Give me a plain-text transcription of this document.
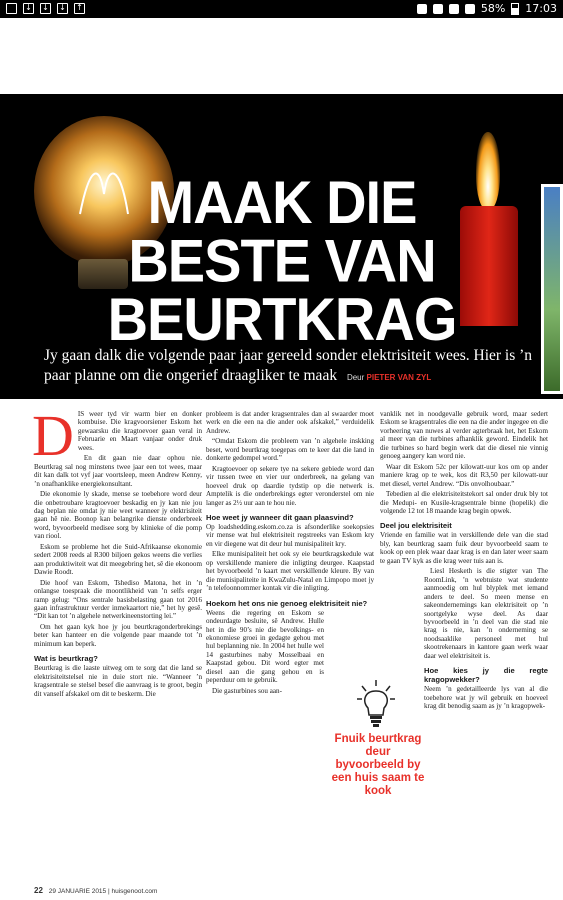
↓ ↓ ↓ ↑	58% 17:03
MAAK DIE
BESTE VAN
BEURTKRAG
Jy gaan dalk die volgende paar jaar gereeld sonder elektrisiteit wees. Hier is ’n paar planne om die ongerief draagliker te maak Deur PIETER VAN ZYL
D IS weer tyd vir warm bier en donker kombuise. Die kragvoorsiener Eskom het gewaarsku die kragtoevoer gaan veral in Februarie en Maart vanjaar onder druk wees.

En dit gaan nie daar ophou nie. Beurtkrag sal nog minstens twee jaar een tot wees, maar dit kan dalk tot vyf jaar voortsleep, meen Andrew Kenny, ’n onafhanklike energiekonsultant.

Die ekonomie ly skade, mense se toebehore word deur die onbetroubare kragtoevoer beskadig en jy kan nie jou dag beplan nie omdat jy nie weet wanneer jy elektrisiteit gaan hê nie. Boonop kan belangrike dienste onderbreek word, byvoorbeeld medisee sorg by klinieke of die pomp van riool.

Eskom se probleme het die Suid-Afrikaanse ekonomie sedert 2008 reeds al R300 biljoen gekos weens die verlies aan produktiwiteit wat dit meegebring het, sê die ekonoom Dawie Roodt.

Die hoof van Eskom, Tshediso Matona, het in ’n onlangse toespraak die moontlikheid van ’n selfs erger ramp gelug: “Ons sentrale basisbelasting gaan tot 2016 gaan infrastruktuur verder inmekaartort nie,” het hy gesê. “Dit kan tot ’n algehele netwerkineenstorting lei.”

Om het gaan kyk hoe jy jou beurtkragonderbrekings beter kan hanteer en die volgende paar maande tot ’n minimum kan beperk.

Wat is beurtkrag?

Beurtkrag is die laaste uitweg om te sorg dat die land se elektrisiteitstelsel nie in duie stort nie. “Wanneer ’n kragsentrale se stelsel besef die aanvraag is te groot, begin dit vanself afskakel om dit te beskerm. Die

probleem is dat ander kragsentrales dan al swaarder moet werk en die een na die ander ook afskakel,” verduidelik Andrew.

“Omdat Eskom die probleem van ’n algehele inskking beset, word beurtkrag toegepas om te keer dat die land in donkerte gedompel word.”

Kragtoevoer op sekere tye na sekere gebiede word dan vir tussen twee en vier uur onderbreek, na gelang van hoeveel druk op daardie tydstip op die netwerk is. Amptelik is die onderbrekings egter veronderstel om nie langer as 2½ uur aan te hou nie.

Hoe weet jy wanneer dit gaan plaasvind?

Op loadshedding.eskom.co.za is afsonderlike soekopsies vir mense wat hul elektrisiteit regstreeks van Eskom kry en vir diegene wat dit deur hul munisipaliteit kry.

Elke munisipaliteit het ook sy eie beurtkragskedule wat op verskillende maniere die inligting deurgee. Kaapstad het byvoorbeeld ’n kaart met verskillende kleure. By van die munisipaliteite in KwaZulu-Natal en Limpopo moet jy ’n telefoonnommer kontak vir die inligting.

Hoekom het ons nie genoeg elektrisiteit nie?

Weens die regering en Eskom se ondeurdagte besluite, sê Andrew. Hulle het in die 90’s nie die bevolkings- en ekonomiese groei in gedagte gehou met hul beplanning nie. In 2004 het hulle wel 14 gasturbines naby Mosselbaai en Kaapstad gebou. Dit word egter met diesel aan die gang gehou en is peperduur om te gebruik.

Die gasturbines sou aan-

vanklik net in noodgevalle gebruik word, maar sedert Eskom se kragsentrales die een na die ander ingegee en die vorheering van nuwes al verder agterbraak het, het Eskom al meer van die turbines afhanklik geword. Eindelik het die turbines so hard begin werk dat die diesel nie vinnig genoeg aangery kan word nie.

Waar dit Eskom 52c per kilowatt-uur kos om op ander maniere krag op te wek, kos dit R3,50 per kilowatt-uur met diesel, vertel Andrew. “Dis onvolhoubaar.”

Tebedien al die elektrisiteitstekort sal onder druk bly tot die Medupi- en Kusile-kragsentrale binne (hopelik) die volgende 12 tot 18 maande krag begin opwek.

Deel jou elektrisiteit

Vriende en familie wat in verskillende dele van die stad bly, kan beurtkrag saam fuik deur byvoorbeeld saam te kook op een plek waar daar krag is en dan later weer saam te gaan TV kyk as die krag weer tuis aan is.

Liesl Hesketh is die stigter van The RoomLink, ’n webtuiste wat studente aanmoedig om hul blyplek met iemand anders te deel. So meen mense en sakeondernemings kan elektrisiteit op ’n soortgelyke wyse deel. As daar byvoorbeeld in ’n deel van die stad nie krag is nie, kan ’n onderneming se noodsaaklike personeel met hul skootrekenaars in kantore gaan werk waar daar wel elektrisiteit is.

Hoe kies jy die regte kragopwekker?

Neem ’n gedetailleerde lys van al die toebehore wat jy wil gebruik en hoeveel krag dit benodig saam as jy ’n kragopwek-

Fnuik beurtkrag deur byvoorbeeld by een huis saam te kook
22 29 JANUARIE 2015 | huisgenoot.com
